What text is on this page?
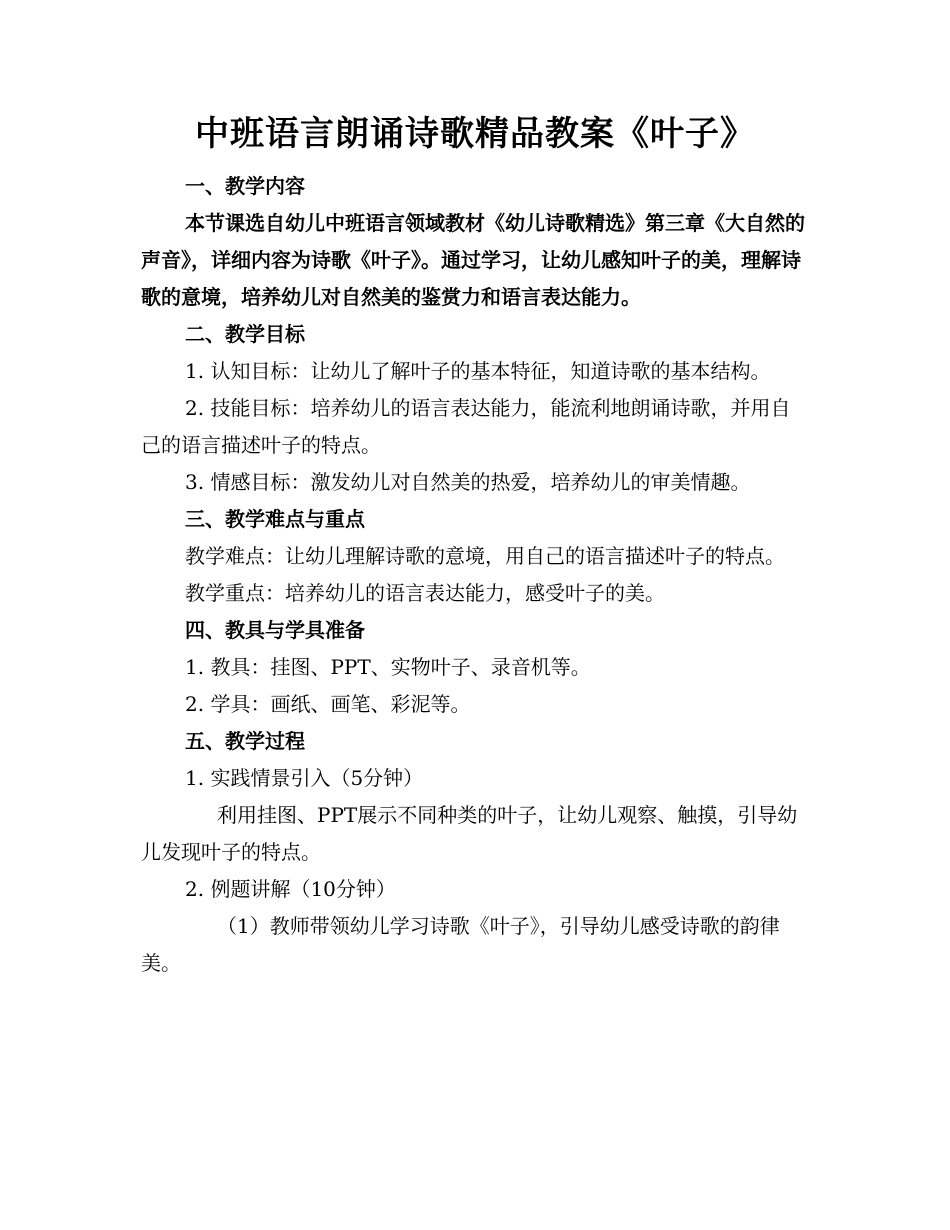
中班语言朗诵诗歌精品教案《叶子》

一、教学内容

本节课选自幼儿中班语言领域教材《幼儿诗歌精选》第三章《大自然的声音》，详细内容为诗歌《叶子》。通过学习，让幼儿感知叶子的美，理解诗歌的意境，培养幼儿对自然美的鉴赏力和语言表达能力。

二、教学目标

1. 认知目标：让幼儿了解叶子的基本特征，知道诗歌的基本结构。

2. 技能目标：培养幼儿的语言表达能力，能流利地朗诵诗歌，并用自己的语言描述叶子的特点。

3. 情感目标：激发幼儿对自然美的热爱，培养幼儿的审美情趣。

三、教学难点与重点

教学难点：让幼儿理解诗歌的意境，用自己的语言描述叶子的特点。

教学重点：培养幼儿的语言表达能力，感受叶子的美。

四、教具与学具准备

1. 教具：挂图、PPT、实物叶子、录音机等。

2. 学具：画纸、画笔、彩泥等。

五、教学过程

1. 实践情景引入（5分钟）

利用挂图、PPT展示不同种类的叶子，让幼儿观察、触摸，引导幼儿发现叶子的特点。

2. 例题讲解（10分钟）

（1）教师带领幼儿学习诗歌《叶子》，引导幼儿感受诗歌的韵律美。
